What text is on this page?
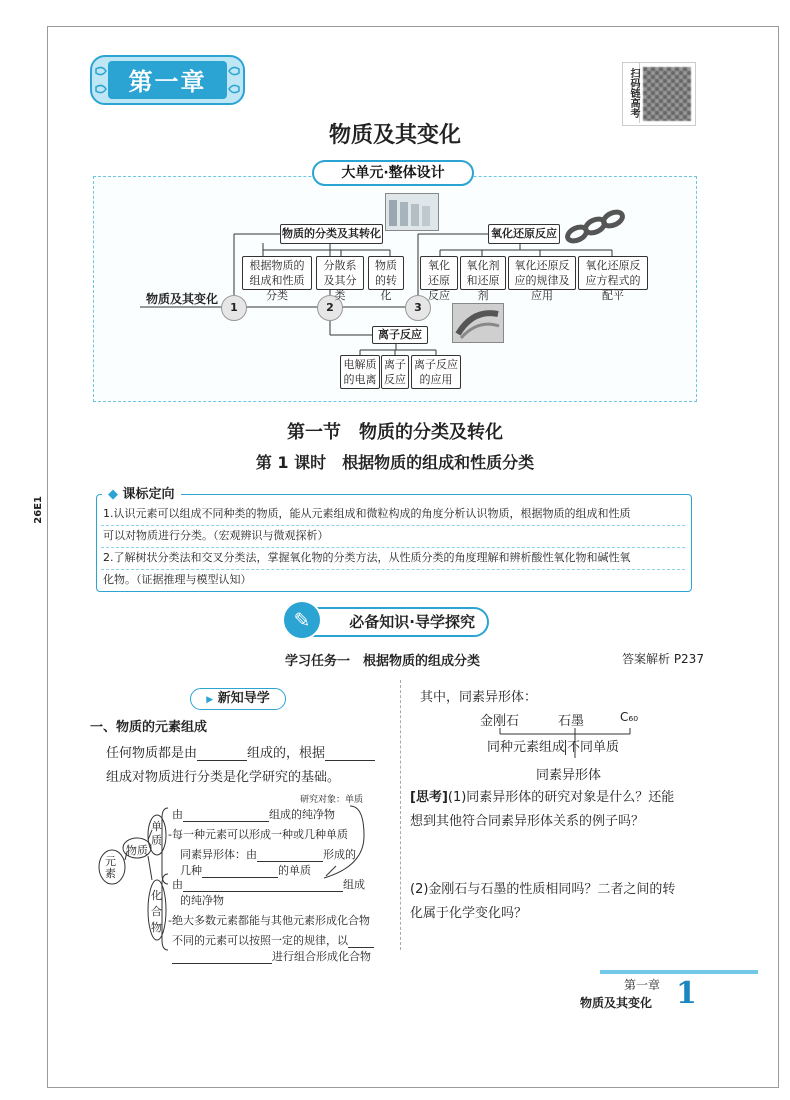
第一章	扫码链高考
物质及其变化
大单元·整体设计
物质及其变化
1	2	3
物质的分类及其转化
根据物质的组成和性质分类
分散系及其分类
物质的转化
氧化还原反应
氧化还原反应
氧化剂和还原剂
氧化还原反应的规律及应用
氧化还原反应方程式的配平
离子反应
电解质的电离
离子反应
离子反应的应用
第一节　物质的分类及转化
第 1 课时　根据物质的组成和性质分类
26E1	1.认识元素可以组成不同种类的物质，能从元素组成和微粒构成的角度分析认识物质，根据物质的组成和性质
可以对物质进行分类。（宏观辨识与微观探析）
2.了解树状分类法和交叉分类法，掌握氧化物的分类方法，从性质分类的角度理解和辨析酸性氧化物和碱性氧
化物。（证据推理与模型认知）
◆ 课标定向
必备知识·导学探究
✎
学习任务一　根据物质的组成分类	答案解析 P237
▶ 新知导学
一、物质的元素组成
任何物质都是由	组成的，根据
组成对物质进行分类是化学研究的基础。
元素
物质
单质
化合物
研究对象：单质
由	组成的纯净物
-每一种元素可以形成一种或几种单质
同素异形体：由	形成的
几种	的单质
由	组成
的纯净物
-绝大多数元素都能与其他元素形成化合物
不同的元素可以按照一定的规律，以
进行组合形成化合物
其中，同素异形体：
金刚石	石墨	C₆₀
同种元素组成 不同单质
同素异形体
[思考](1)同素异形体的研究对象是什么？还能
想到其他符合同素异形体关系的例子吗？
(2)金刚石与石墨的性质相同吗？二者之间的转
化属于化学变化吗？
第一章
物质及其变化 1
